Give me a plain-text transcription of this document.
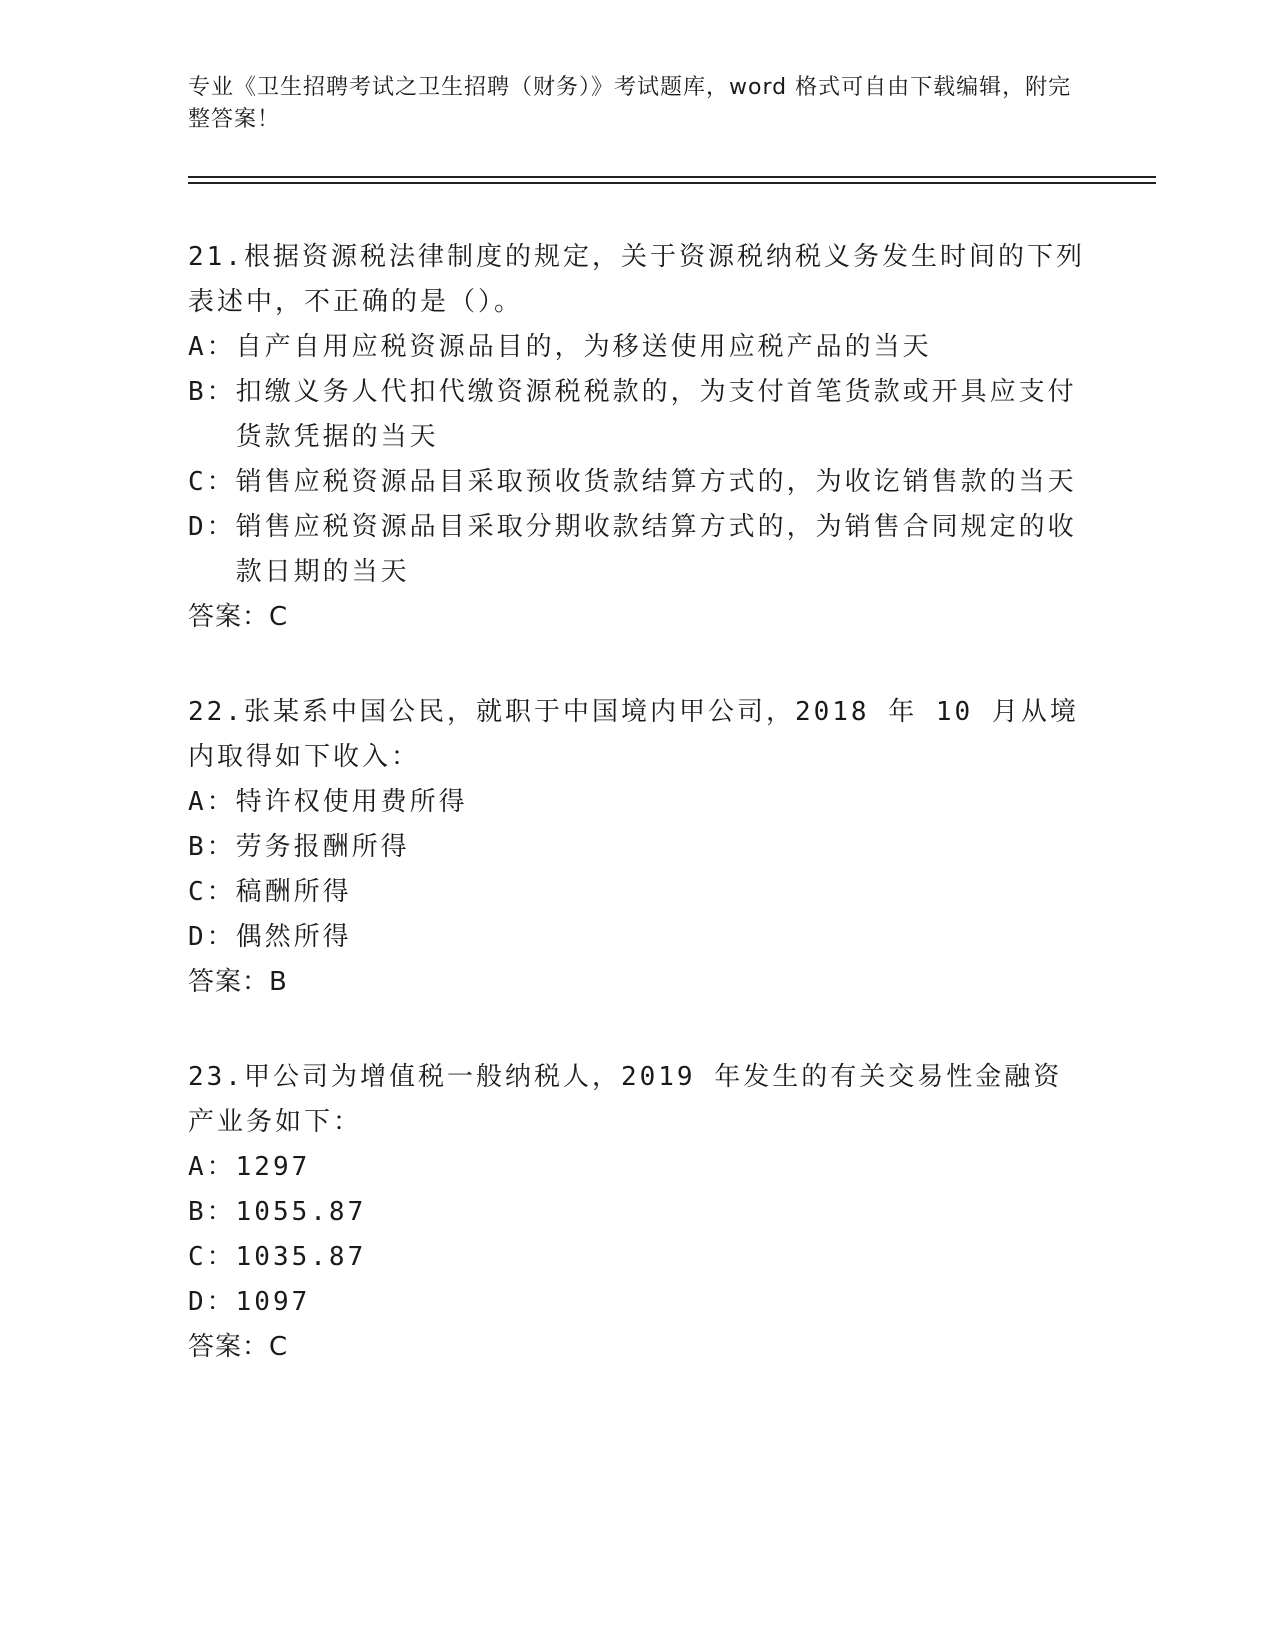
专业《卫生招聘考试之卫生招聘（财务）》考试题库，word 格式可自由下载编辑，附完整答案！

21.根据资源税法律制度的规定，关于资源税纳税义务发生时间的下列表述中，不正确的是（）。

A： 自产自用应税资源品目的，为移送使用应税产品的当天

B： 扣缴义务人代扣代缴资源税税款的，为支付首笔货款或开具应支付货款凭据的当天

C： 销售应税资源品目采取预收货款结算方式的，为收讫销售款的当天

D： 销售应税资源品目采取分期收款结算方式的，为销售合同规定的收款日期的当天

答案：C

22.张某系中国公民，就职于中国境内甲公司，2018 年 10 月从境内取得如下收入：

A： 特许权使用费所得

B： 劳务报酬所得

C： 稿酬所得

D： 偶然所得

答案：B

23.甲公司为增值税一般纳税人，2019 年发生的有关交易性金融资产业务如下：

A： 1297

B： 1055.87

C： 1035.87

D： 1097

答案：C
